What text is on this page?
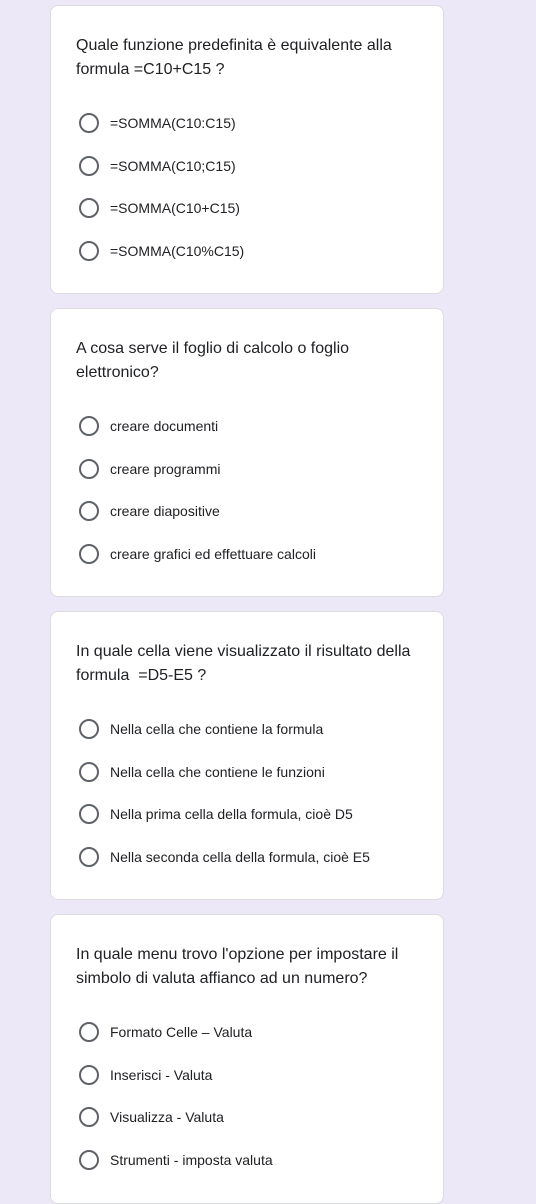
Quale funzione predefinita è equivalente alla formula =C10+C15 ?
=SOMMA(C10:C15)
=SOMMA(C10;C15)
=SOMMA(C10+C15)
=SOMMA(C10%C15)
A cosa serve il foglio di calcolo o foglio elettronico?
creare documenti
creare programmi
creare diapositive
creare grafici ed effettuare calcoli
In quale cella viene visualizzato il risultato della formula  =D5-E5 ?
Nella cella che contiene la formula
Nella cella che contiene le funzioni
Nella prima cella della formula, cioè D5
Nella seconda cella della formula, cioè E5
In quale menu trovo l'opzione per impostare il simbolo di valuta affianco ad un numero?
Formato Celle – Valuta
Inserisci - Valuta
Visualizza - Valuta
Strumenti - imposta valuta
